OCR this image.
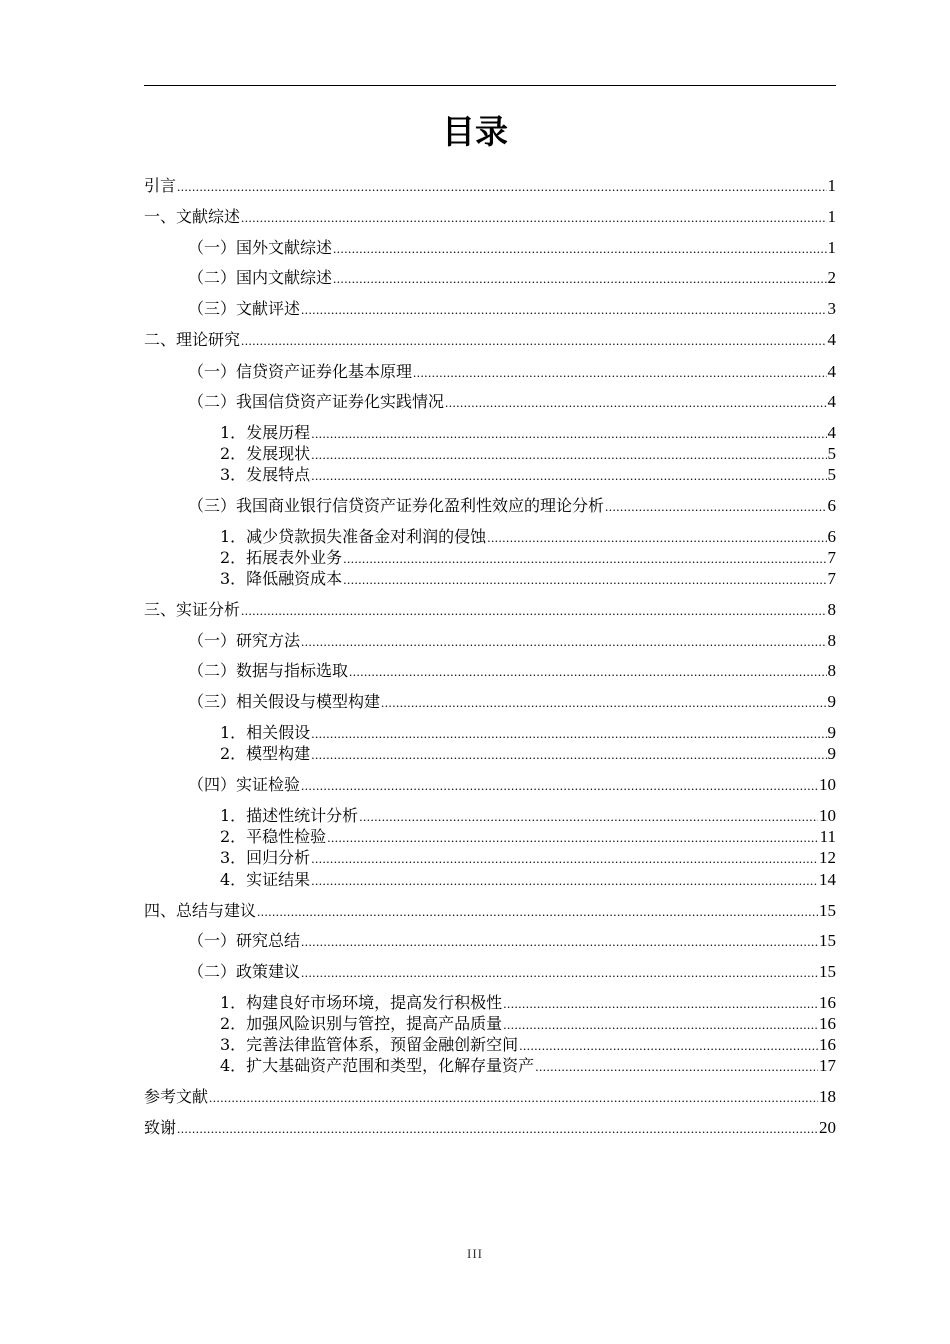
目录
引言 .....	1
一、文献综述 .....	1
（一）国外文献综述 .....	1
（二）国内文献综述 .....	2
（三）文献评述 .....	3
二、理论研究 .....	4
（一）信贷资产证券化基本原理 .....	4
（二）我国信贷资产证券化实践情况 .....	4
1．发展历程 .....	4
2．发展现状 .....	5
3．发展特点 .....	5
（三）我国商业银行信贷资产证券化盈利性效应的理论分析 .....	6
1．减少贷款损失准备金对利润的侵蚀 .....	6
2．拓展表外业务 .....	7
3．降低融资成本 .....	7
三、实证分析 .....	8
（一）研究方法 .....	8
（二）数据与指标选取 .....	8
（三）相关假设与模型构建 .....	9
1．相关假设 .....	9
2．模型构建 .....	9
（四）实证检验 .....	10
1．描述性统计分析 .....	10
2．平稳性检验 .....	11
3．回归分析 .....	12
4．实证结果 .....	14
四、总结与建议 .....	15
（一）研究总结 .....	15
（二）政策建议 .....	15
1．构建良好市场环境，提高发行积极性 .....	16
2．加强风险识别与管控，提高产品质量 .....	16
3．完善法律监管体系，预留金融创新空间 .....	16
4．扩大基础资产范围和类型，化解存量资产 .....	17
参考文献 .....	18
致谢 .....	20
III
